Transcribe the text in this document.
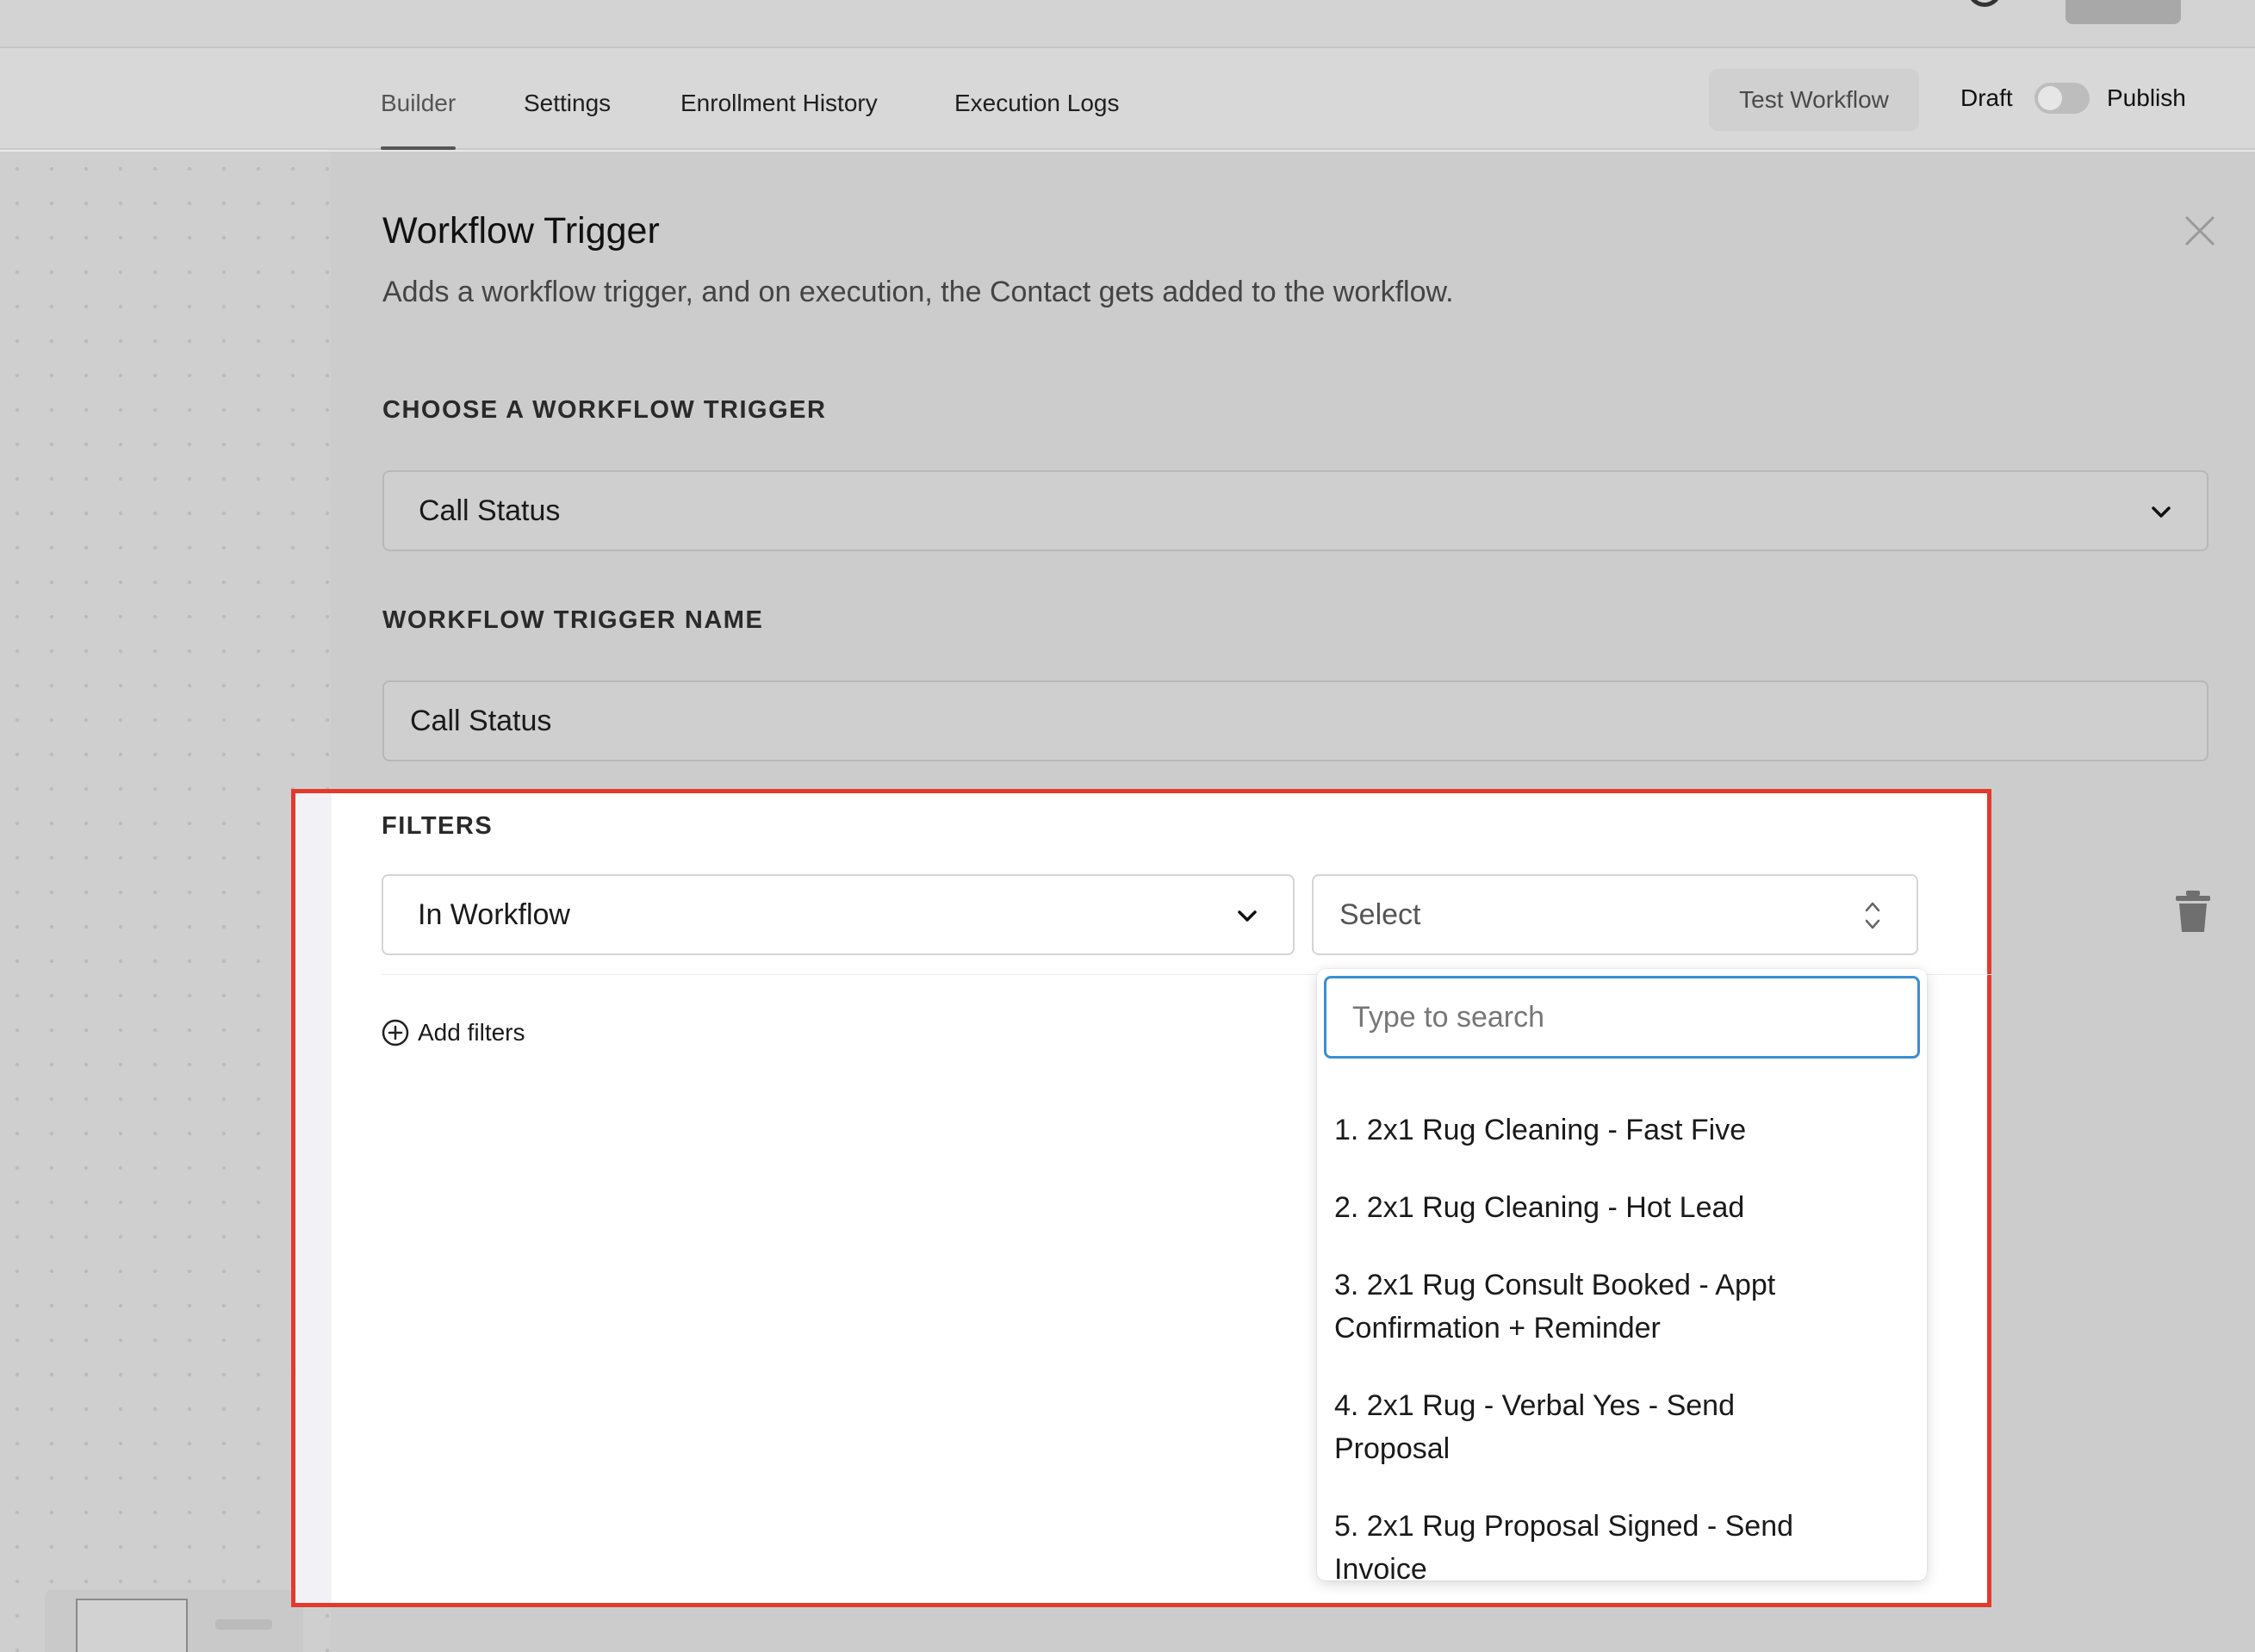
Builder	Settings	Enrollment History	Execution Logs	Test Workflow	Draft	Publish
Workflow Trigger
Adds a workflow trigger, and on execution, the Contact gets added to the workflow.
CHOOSE A WORKFLOW TRIGGER
Call Status
WORKFLOW TRIGGER NAME
Call Status
FILTERS
In Workflow	Select
Add filters
Type to search
1. 2x1 Rug Cleaning - Fast Five
2. 2x1 Rug Cleaning - Hot Lead
3. 2x1 Rug Consult Booked - Appt Confirmation + Reminder
4. 2x1 Rug - Verbal Yes - Send Proposal
5. 2x1 Rug Proposal Signed - Send Invoice
